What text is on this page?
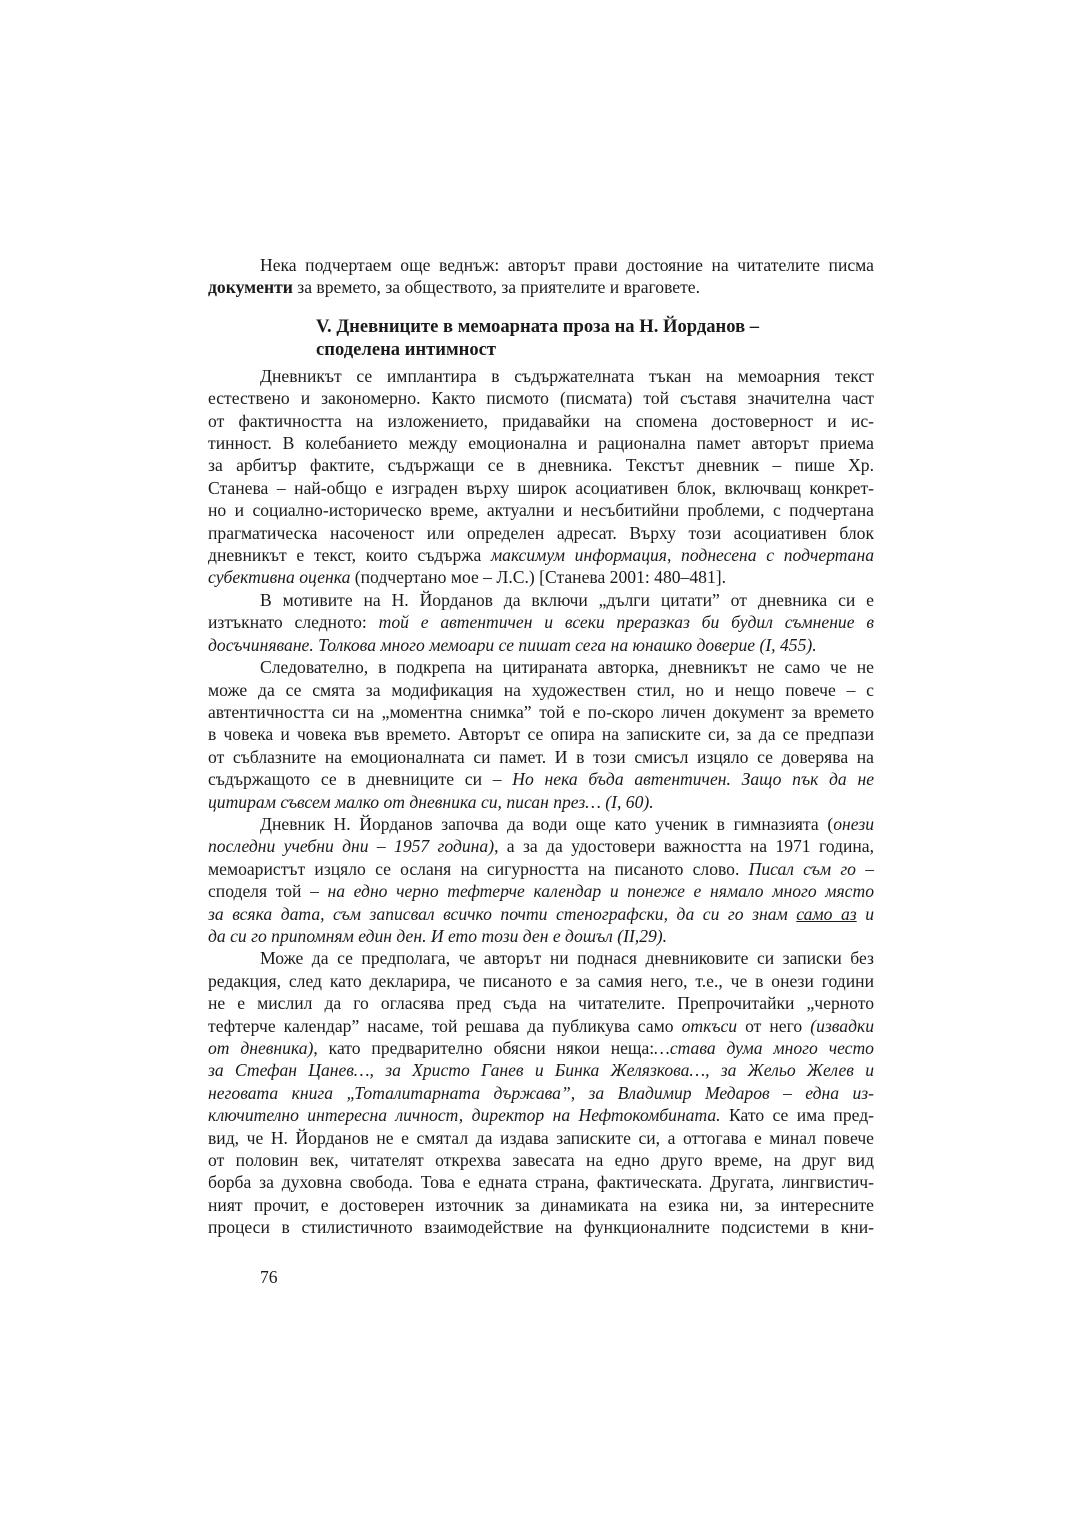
Нека подчертаем още веднъж: авторът прави достояние на читателите писма
документи за времето, за обществото, за приятелите и враговете.
V. Дневниците в мемоарната проза на Н. Йорданов –
споделена интимност
Дневникът се имплантира в съдържателната тъкан на мемоарния текст
естествено и закономерно. Както писмото (писмата) той съставя значителна част
от фактичността на изложението, придавайки на спомена достоверност и ис-
тинност. В колебанието между емоционална и рационална памет авторът приема
за арбитър фактите, съдържащи се в дневника. Текстът дневник – пише Хр.
Станева – най-общо е изграден върху широк асоциативен блок, включващ конкрет-
но и социално-историческо време, актуални и несъбитийни проблеми, с подчертана
прагматическа насоченост или определен адресат. Върху този асоциативен блок
дневникът е текст, които съдържа максимум информация, поднесена с подчертана
субективна оценка (подчертано мое – Л.С.) [Станева 2001: 480–481].
В мотивите на Н. Йорданов да включи „дълги цитати” от дневника си е
изтъкнато следното: той е автентичен и всеки преразказ би будил съмнение в
досъчиняване. Толкова много мемоари се пишат сега на юнашко доверие (I, 455).
Следователно, в подкрепа на цитираната авторка, дневникът не само че не
може да се смята за модификация на художествен стил, но и нещо повече – с
автентичността си на „моментна снимка” той е по-скоро личен документ за времето
в човека и човека във времето. Авторът се опира на записките си, за да се предпази
от съблазните на емоционалната си памет. И в този смисъл изцяло се доверява на
съдържащото се в дневниците си – Но нека бъда автентичен. Защо пък да не
цитирам съвсем малко от дневника си, писан през… (I, 60).
Дневник Н. Йорданов започва да води още като ученик в гимназията (онези
последни учебни дни – 1957 година), а за да удостовери важността на 1971 година,
мемоаристът изцяло се осланя на сигурността на писаното слово. Писал съм го –
споделя той – на едно черно тефтерче календар и понеже е нямало много място
за всяка дата, съм записвал всичко почти стенографски, да си го знам само аз и
да си го припомням един ден. И ето този ден е дошъл (II,29).
Може да се предполага, че авторът ни поднася дневниковите си записки без
редакция, след като декларира, че писаното е за самия него, т.е., че в онези години
не е мислил да го огласява пред съда на читателите. Препрочитайки „черното
тефтерче календар” насаме, той решава да публикува само откъси от него (извадки
от дневника), като предварително обясни някои неща:…става дума много често
за Стефан Цанев…, за Христо Ганев и Бинка Желязкова…, за Жельо Желев и
неговата книга „Тоталитарната държава”, за Владимир Медаров – една из-
ключително интересна личност, директор на Нефтокомбината. Като се има пред-
вид, че Н. Йорданов не е смятал да издава записките си, а оттогава е минал повече
от половин век, читателят открехва завесата на едно друго време, на друг вид
борба за духовна свобода. Това е едната страна, фактическата. Другата, лингвистич-
ният прочит, е достоверен източник за динамиката на езика ни, за интересните
процеси в стилистичното взаимодействие на функционалните подсистеми в кни-
76
